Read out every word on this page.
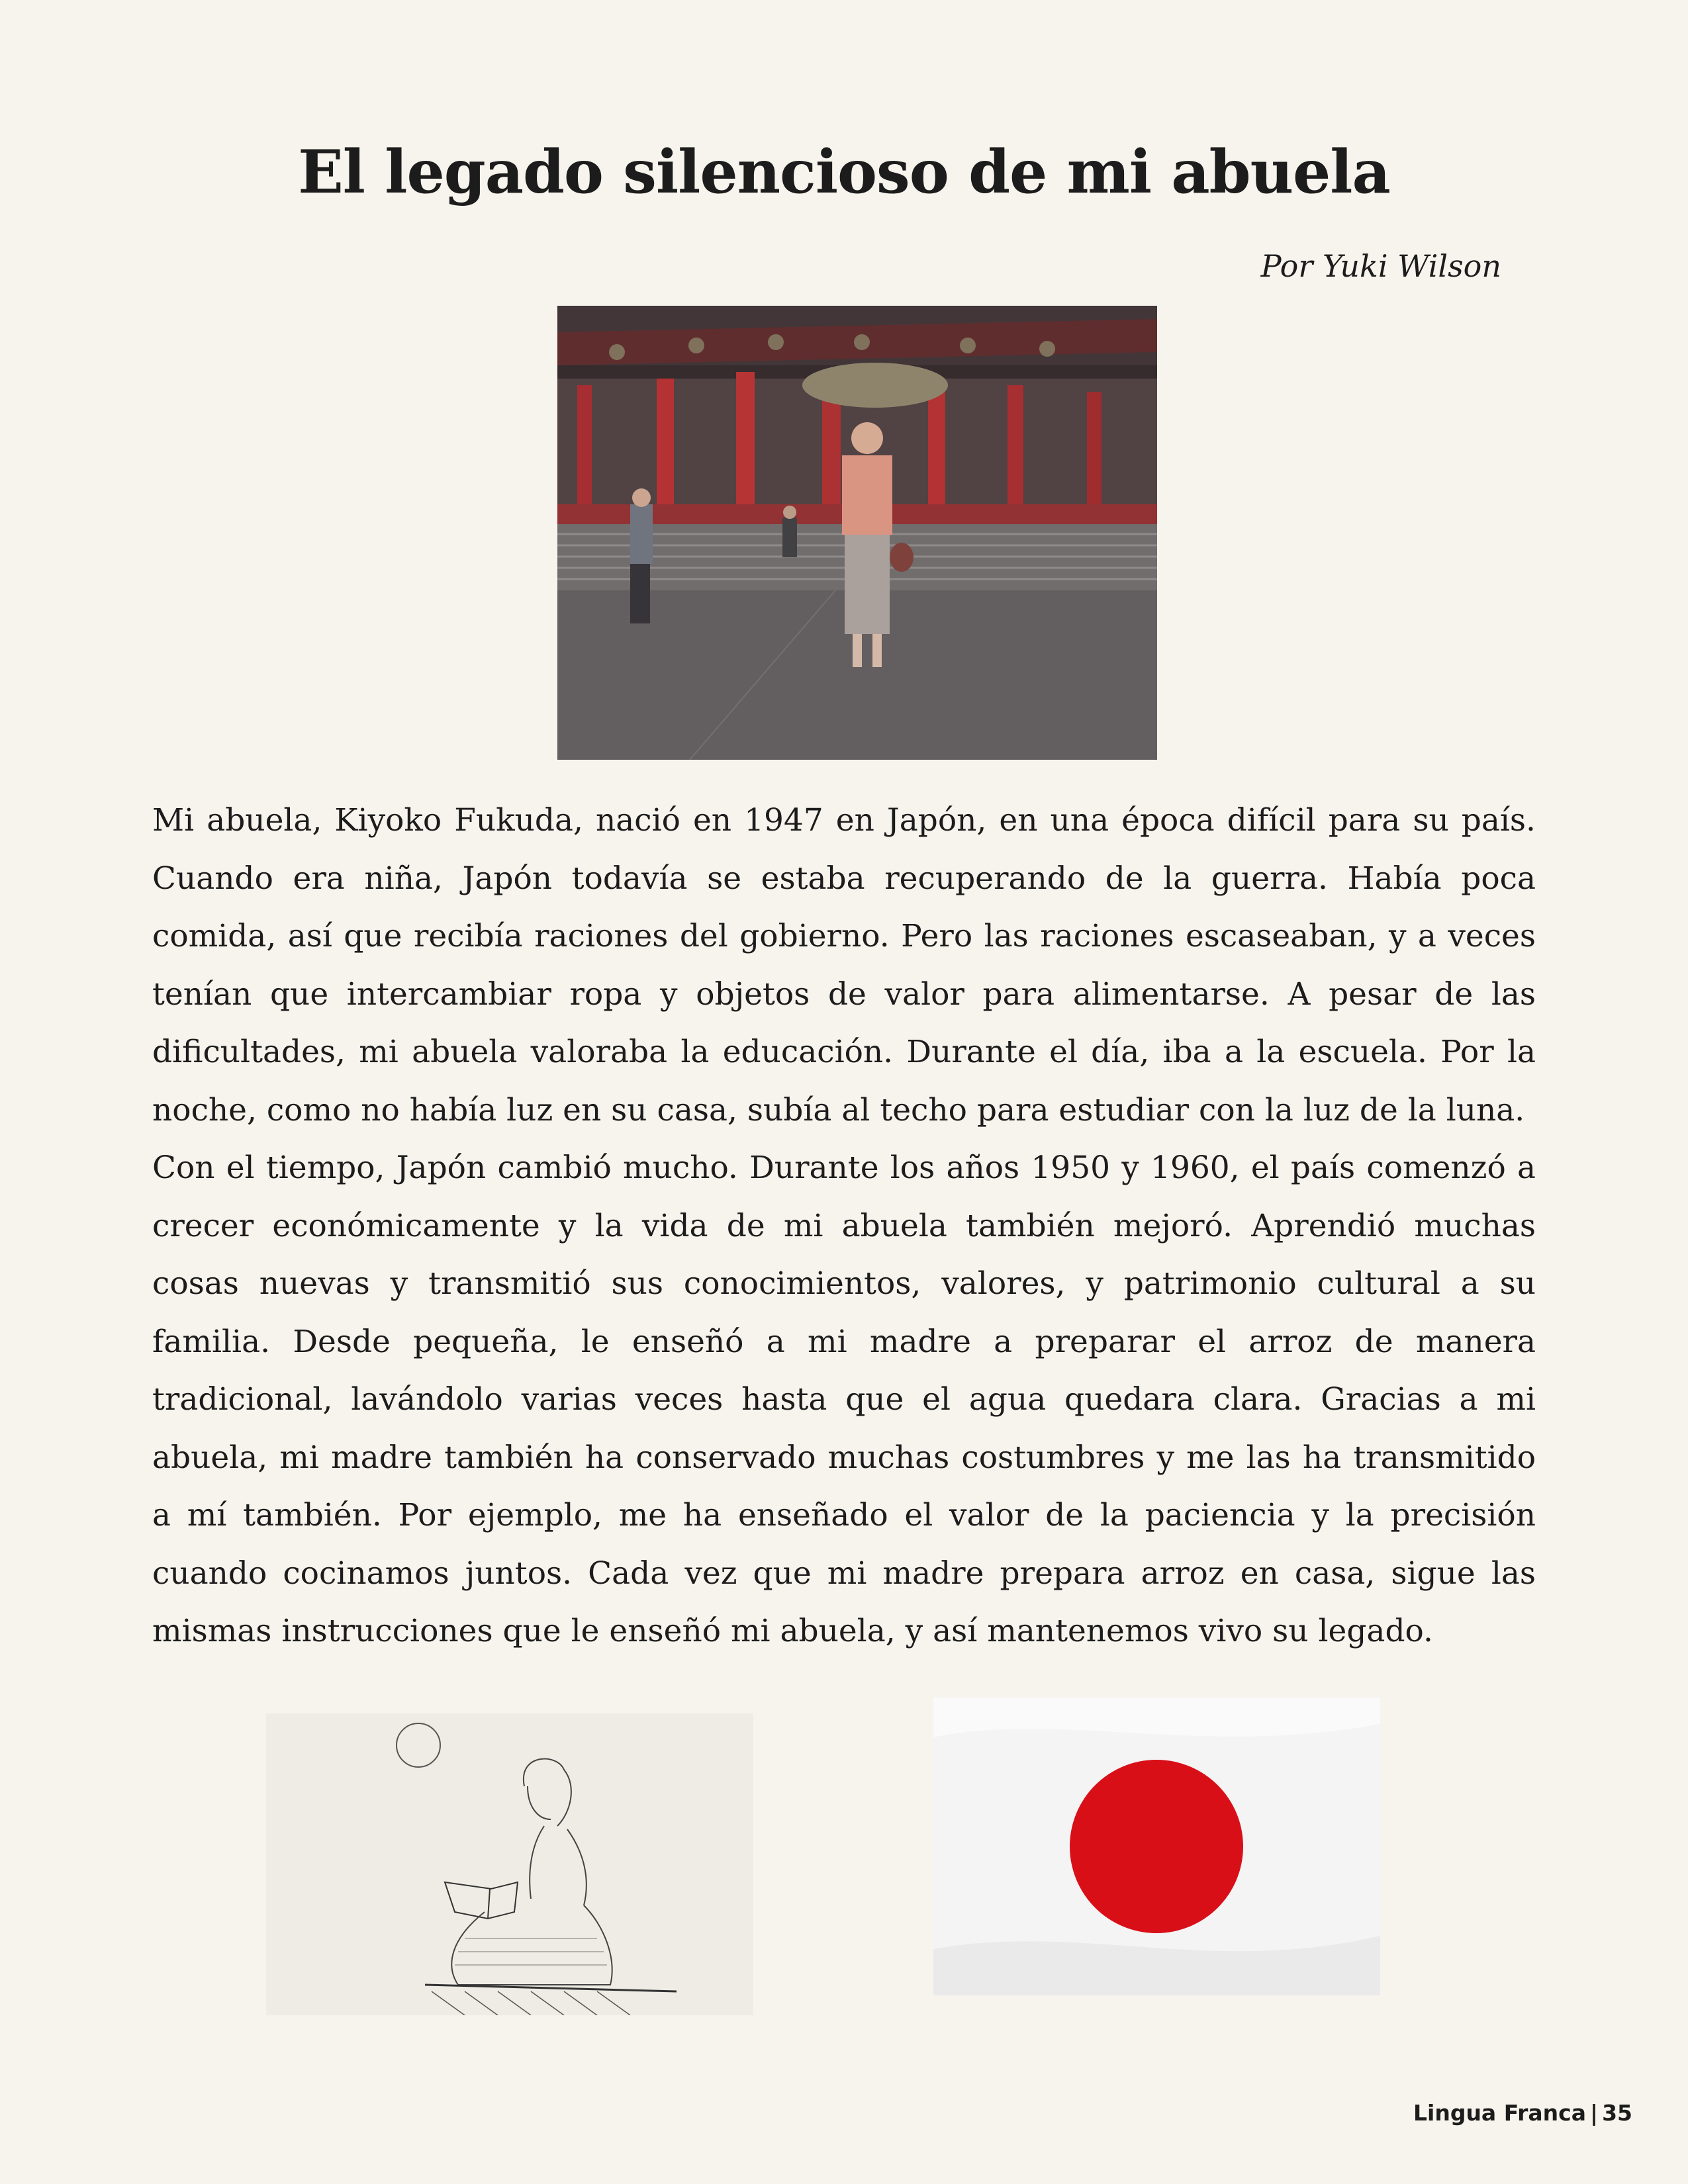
El legado silencioso de mi abuela

Por Yuki Wilson

Mi abuela, Kiyoko Fukuda, nació en 1947 en Japón, en una época difícil para su país. Cuando era niña, Japón todavía se estaba recuperando de la guerra. Había poca comida, así que recibía raciones del gobierno. Pero las raciones escaseaban, y a veces tenían que intercambiar ropa y objetos de valor para alimentarse. A pesar de las dificultades, mi abuela valoraba la educación. Durante el día, iba a la escuela. Por la noche, como no había luz en su casa, subía al techo para estudiar con la luz de la luna.

Con el tiempo, Japón cambió mucho. Durante los años 1950 y 1960, el país comenzó a crecer económicamente y la vida de mi abuela también mejoró. Aprendió muchas cosas nuevas y transmitió sus conocimientos, valores, y patrimonio cultural a su familia. Desde pequeña, le enseñó a mi madre a preparar el arroz de manera tradicional, lavándolo varias veces hasta que el agua quedara clara. Gracias a mi abuela, mi madre también ha conservado muchas costumbres y me las ha transmitido a mí también. Por ejemplo, me ha enseñado el valor de la paciencia y la precisión cuando cocinamos juntos. Cada vez que mi madre prepara arroz en casa, sigue las mismas instrucciones que le enseñó mi abuela, y así mantenemos vivo su legado.

Lingua Franca | 35
